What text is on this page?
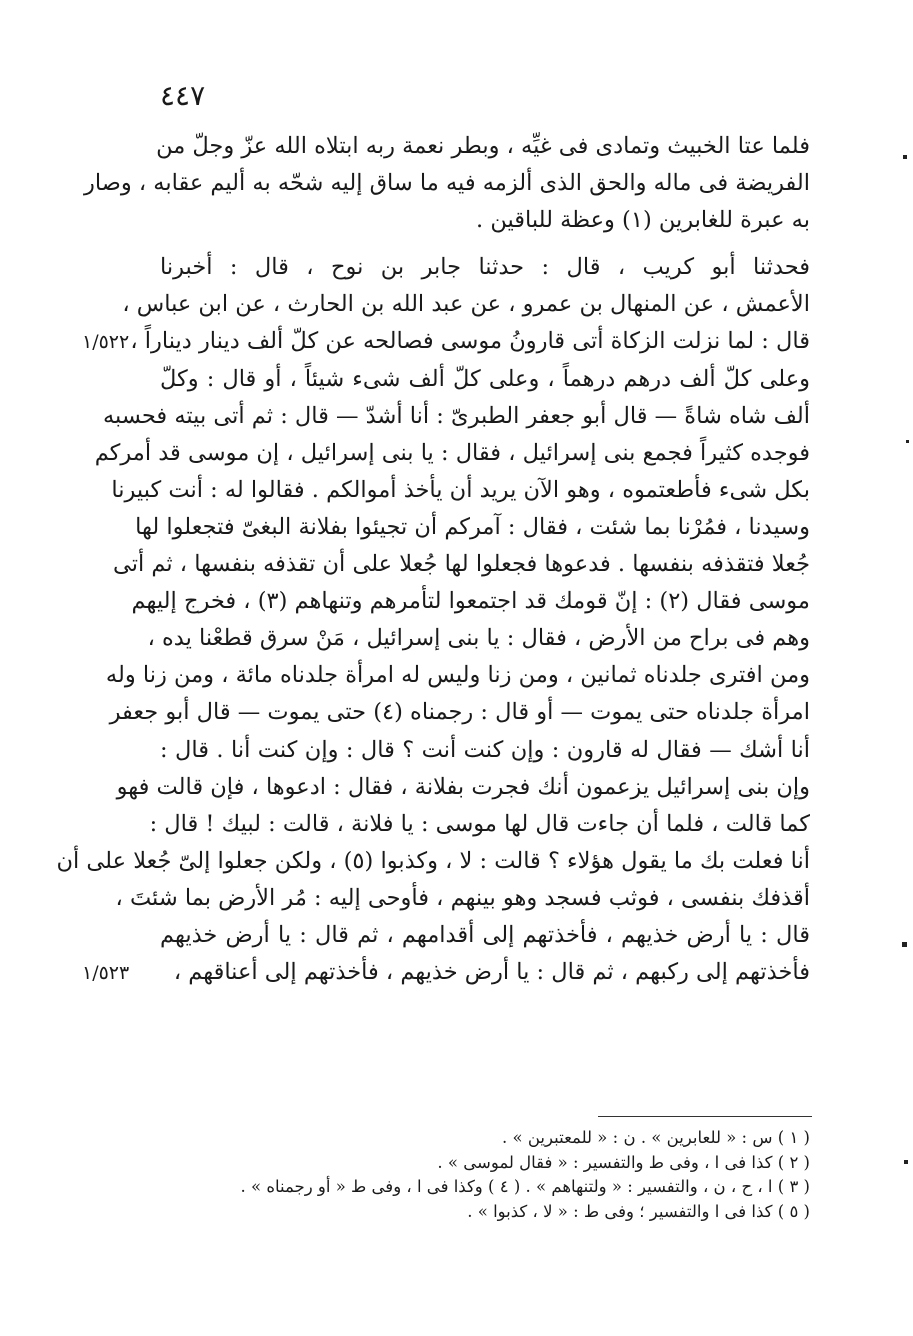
٤٤٧
فلما عتا الخبيث وتمادى فى غيِّه ، وبطر نعمة ربه ابتلاه الله عزّ وجلّ من
الفريضة فى ماله والحق الذى ألزمه فيه ما ساق إليه شحّه به أليم عقابه ، وصار
به عبرة للغابرين (١) وعظة للباقين .
فحدثنا أبو كريب ، قال : حدثنا جابر بن نوح ، قال : أخبرنا
الأعمش ، عن المنهال بن عمرو ، عن عبد الله بن الحارث ، عن ابن عباس ،
قال : لما نزلت الزكاة أتى قارونُ موسى فصالحه عن كلّ ألف دينار ديناراً ،
وعلى كلّ ألف درهم درهماً ، وعلى كلّ ألف شىء شيئاً ، أو قال : وكلّ
ألف شاه شاةً — قال أبو جعفر الطبرىّ : أنا أشدّ — قال : ثم أتى بيته فحسبه
فوجده كثيراً فجمع بنى إسرائيل ، فقال : يا بنى إسرائيل ، إن موسى قد أمركم
بكل شىء فأطعتموه ، وهو الآن يريد أن يأخذ أموالكم . فقالوا له : أنت كبيرنا
وسيدنا ، فمُرْنا بما شئت ، فقال : آمركم أن تجيئوا بفلانة البغىّ فتجعلوا لها
جُعلا فتقذفه بنفسها . فدعوها فجعلوا لها جُعلا على أن تقذفه بنفسها ، ثم أتى
موسى فقال (٢) : إنّ قومك قد اجتمعوا لتأمرهم وتنهاهم (٣) ، فخرج إليهم
وهم فى براح من الأرض ، فقال : يا بنى إسرائيل ، مَنْ سرق قطعْنا يده ،
ومن افترى جلدناه ثمانين ، ومن زنا وليس له امرأة جلدناه مائة ، ومن زنا وله
امرأة جلدناه حتى يموت — أو قال : رجمناه (٤) حتى يموت — قال أبو جعفر
أنا أشك — فقال له قارون : وإن كنت أنت ؟ قال : وإن كنت أنا . قال :
وإن بنى إسرائيل يزعمون أنك فجرت بفلانة ، فقال : ادعوها ، فإن قالت فهو
كما قالت ، فلما أن جاءت قال لها موسى : يا فلانة ، قالت : لبيك ! قال :
أنا فعلت بك ما يقول هؤلاء ؟ قالت : لا ، وكذبوا (٥) ، ولكن جعلوا إلىّ جُعلا على أن
أقذفك بنفسى ، فوثب فسجد وهو بينهم ، فأوحى إليه : مُر الأرض بما شئتَ ،
قال : يا أرض خذيهم ، فأخذتهم إلى أقدامهم ، ثم قال : يا أرض خذيهم
فأخذتهم إلى ركبهم ، ثم قال : يا أرض خذيهم ، فأخذتهم إلى أعناقهم ،
١/٥٢٢
١/٥٢٣
( ١ ) س : « للعابرين » . ن : « للمعتبرين » .
( ٢ ) كذا فى ا ، وفى ط والتفسير : « فقال لموسى » .
( ٣ ) ا ، ح ، ن ، والتفسير : « ولتنهاهم » . ( ٤ ) وكذا فى ا ، وفى ط « أو رجمناه » .
( ٥ ) كذا فى ا والتفسير ؛ وفى ط : « لا ، كذبوا » .
